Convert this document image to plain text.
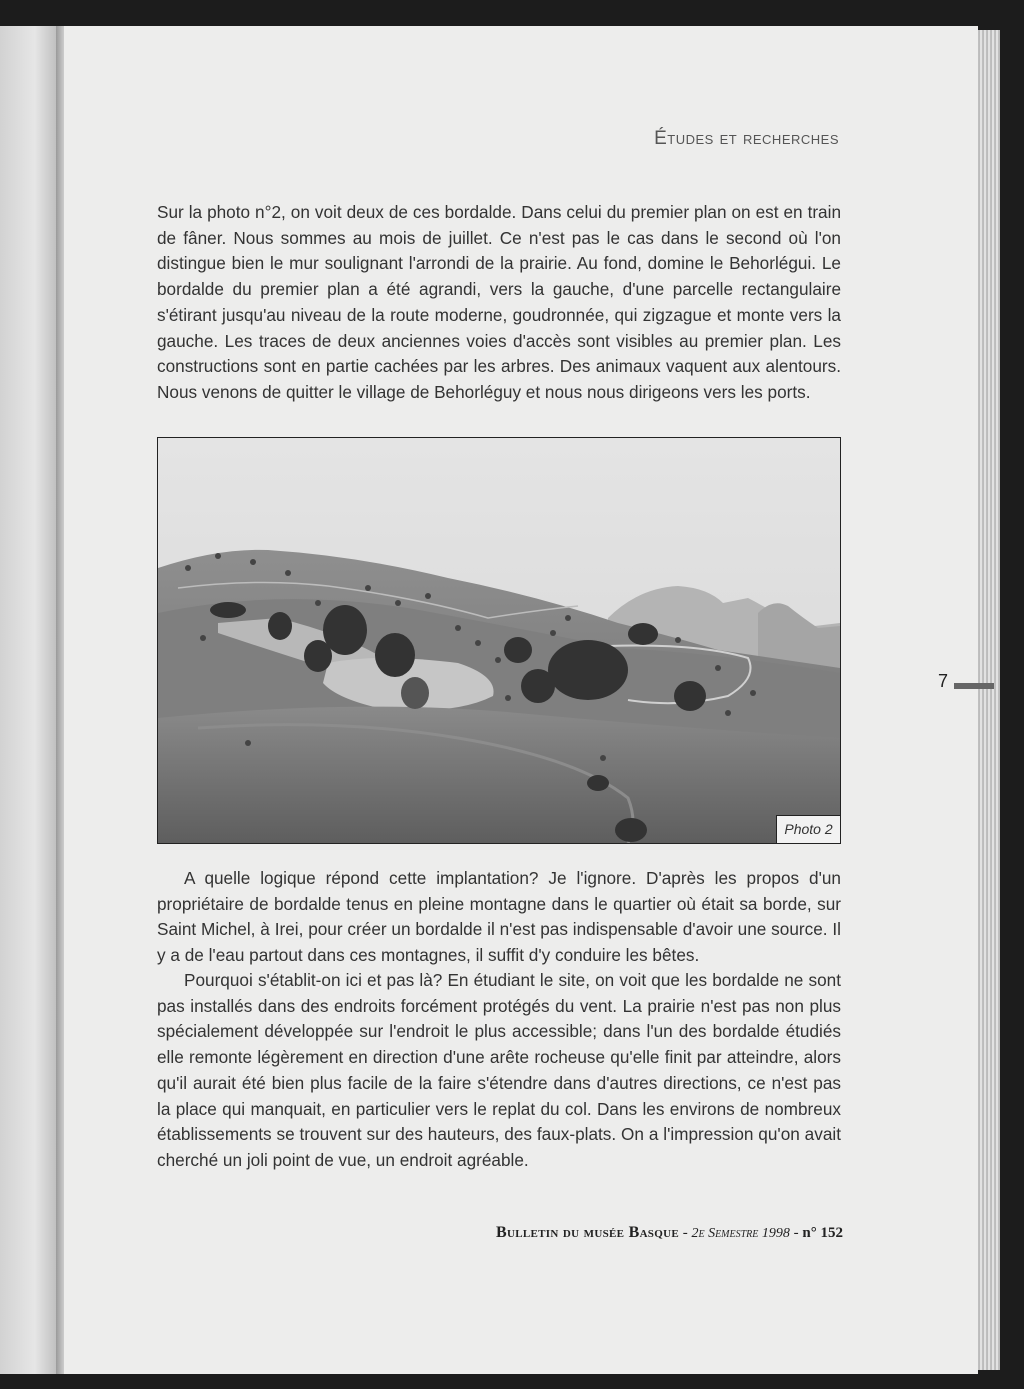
Études et recherches

Sur la photo n°2, on voit deux de ces bordalde. Dans celui du premier plan on est en train de fâner. Nous sommes au mois de juillet. Ce n'est pas le cas dans le second où l'on distingue bien le mur soulignant l'arrondi de la prairie. Au fond, domine le Behorlégui. Le bordalde du premier plan a été agrandi, vers la gauche, d'une parcelle rectangulaire s'étirant jusqu'au niveau de la route moderne, goudronnée, qui zigzague et monte vers la gauche. Les traces de deux anciennes voies d'accès sont visibles au premier plan. Les constructions sont en partie cachées par les arbres. Des animaux vaquent aux alentours. Nous venons de quitter le village de Behorléguy et nous nous dirigeons vers les ports.

Photo 2

A quelle logique répond cette implantation? Je l'ignore. D'après les propos d'un propriétaire de bordalde tenus en pleine montagne dans le quartier où était sa borde, sur Saint Michel, à Irei, pour créer un bordalde il n'est pas indispensable d'avoir une source. Il y a de l'eau partout dans ces montagnes, il suffit d'y conduire les bêtes.

Pourquoi s'établit-on ici et pas là? En étudiant le site, on voit que les bordalde ne sont pas installés dans des endroits forcément protégés du vent. La prairie n'est pas non plus spécialement développée sur l'endroit le plus accessible; dans l'un des bordalde étudiés elle remonte légèrement en direction d'une arête rocheuse qu'elle finit par atteindre, alors qu'il aurait été bien plus facile de la faire s'étendre dans d'autres directions, ce n'est pas la place qui manquait, en particulier vers le replat du col. Dans les environs de nombreux établissements se trouvent sur des hauteurs, des faux-plats. On a l'impression qu'on avait cherché un joli point de vue, un endroit agréable.

7

Bulletin du musée Basque - 2e Semestre 1998 - n° 152
